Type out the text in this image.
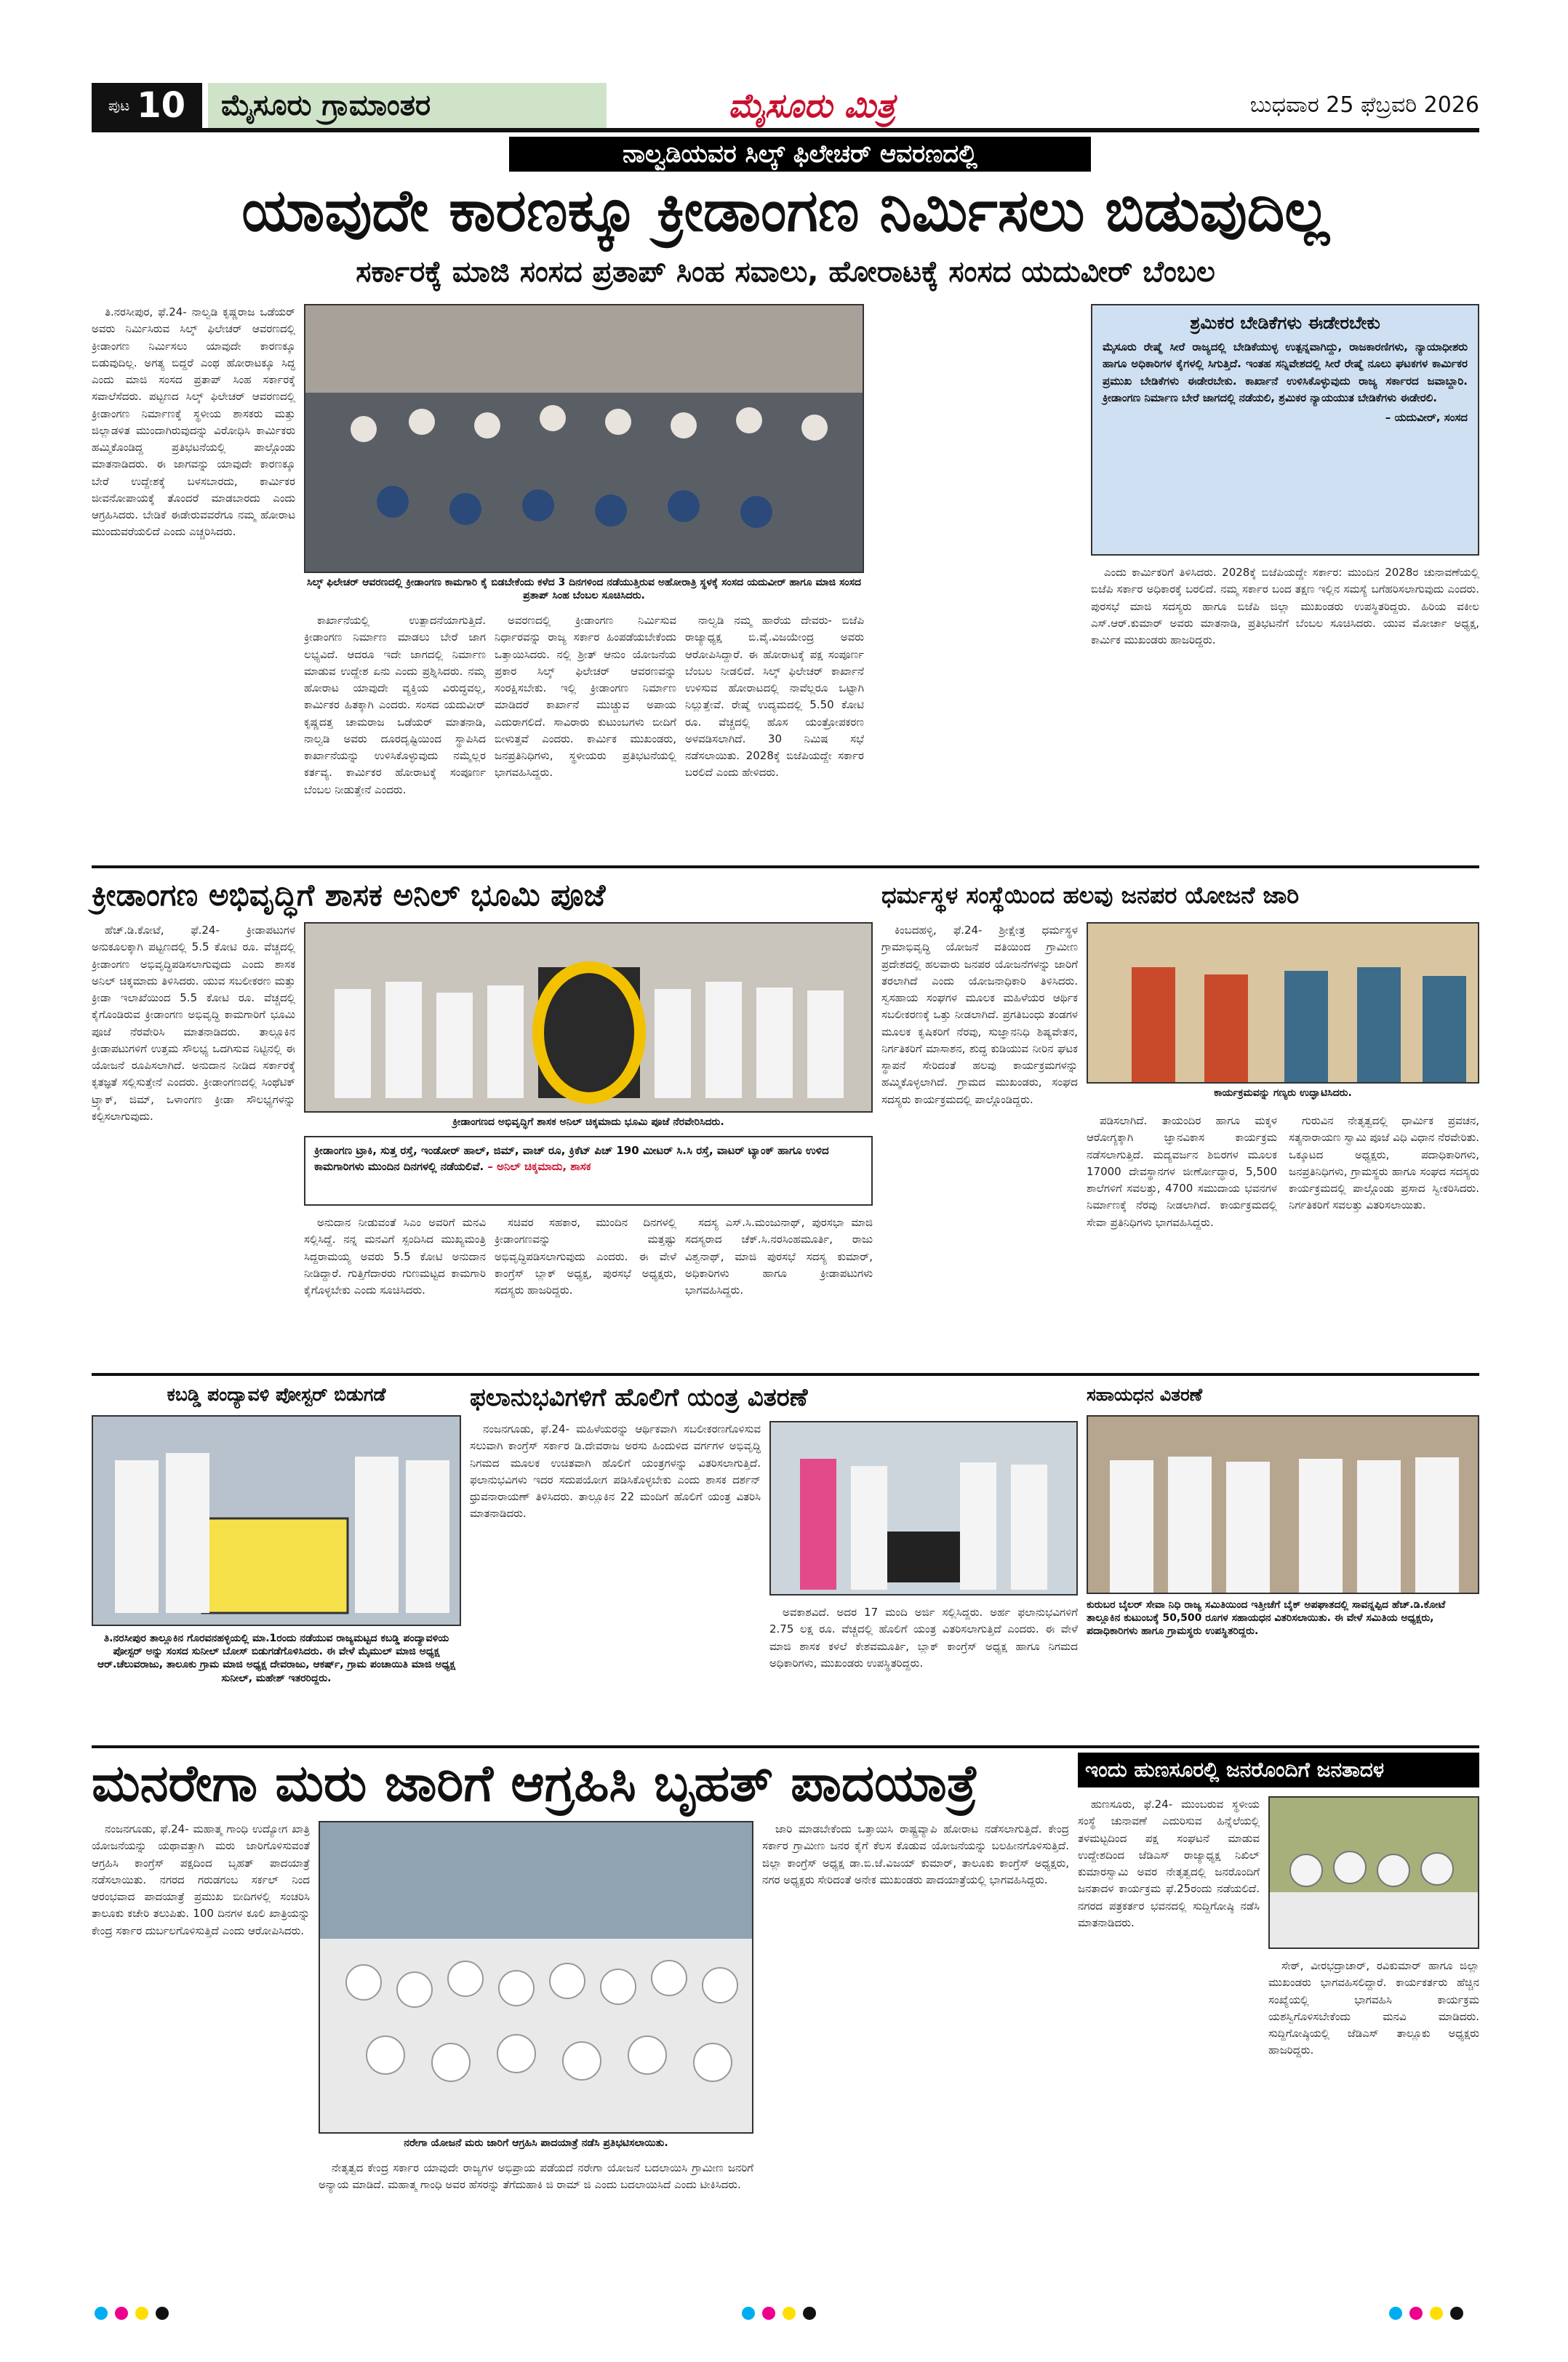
ಪುಟ 10	ಮೈಸೂರು ಗ್ರಾಮಾಂತರ	ಮೈಸೂರು ಮಿತ್ರ	ಬುಧವಾರ 25 ಫೆಬ್ರವರಿ 2026
ನಾಲ್ವಡಿಯವರ ಸಿಲ್ಕ್ ಫಿಲೇಚರ್ ಆವರಣದಲ್ಲಿ
ಯಾವುದೇ ಕಾರಣಕ್ಕೂ ಕ್ರೀಡಾಂಗಣ ನಿರ್ಮಿಸಲು ಬಿಡುವುದಿಲ್ಲ
ಸರ್ಕಾರಕ್ಕೆ ಮಾಜಿ ಸಂಸದ ಪ್ರತಾಪ್ ಸಿಂಹ ಸವಾಲು, ಹೋರಾಟಕ್ಕೆ ಸಂಸದ ಯದುವೀರ್ ಬೆಂಬಲ

ತಿ.ನರಸೀಪುರ, ಫೆ.24- ನಾಲ್ವಡಿ ಕೃಷ್ಣರಾಜ ಒಡೆಯರ್ ಅವರು ನಿರ್ಮಿಸಿರುವ ಸಿಲ್ಕ್ ಫಿಲೇಚರ್ ಆವರಣದಲ್ಲಿ ಕ್ರೀಡಾಂಗಣ ನಿರ್ಮಿಸಲು ಯಾವುದೇ ಕಾರಣಕ್ಕೂ ಬಿಡುವುದಿಲ್ಲ. ಅಗತ್ಯ ಬಿದ್ದರೆ ಎಂಥ ಹೋರಾಟಕ್ಕೂ ಸಿದ್ಧ ಎಂದು ಮಾಜಿ ಸಂಸದ ಪ್ರತಾಪ್ ಸಿಂಹ ಸರ್ಕಾರಕ್ಕೆ ಸವಾಲೆಸೆದರು. ಪಟ್ಟಣದ ಸಿಲ್ಕ್ ಫಿಲೇಚರ್ ಆವರಣದಲ್ಲಿ ಕ್ರೀಡಾಂಗಣ ನಿರ್ಮಾಣಕ್ಕೆ ಸ್ಥಳೀಯ ಶಾಸಕರು ಮತ್ತು ಜಿಲ್ಲಾಡಳಿತ ಮುಂದಾಗಿರುವುದನ್ನು ವಿರೋಧಿಸಿ ಕಾರ್ಮಿಕರು ಹಮ್ಮಿಕೊಂಡಿದ್ದ ಪ್ರತಿಭಟನೆಯಲ್ಲಿ ಪಾಲ್ಗೊಂಡು ಮಾತನಾಡಿದರು. ಈ ಜಾಗವನ್ನು ಯಾವುದೇ ಕಾರಣಕ್ಕೂ ಬೇರೆ ಉದ್ದೇಶಕ್ಕೆ ಬಳಸಬಾರದು, ಕಾರ್ಮಿಕರ ಜೀವನೋಪಾಯಕ್ಕೆ ತೊಂದರೆ ಮಾಡಬಾರದು ಎಂದು ಆಗ್ರಹಿಸಿದರು. ಬೇಡಿಕೆ ಈಡೇರುವವರೆಗೂ ನಮ್ಮ ಹೋರಾಟ ಮುಂದುವರೆಯಲಿದೆ ಎಂದು ಎಚ್ಚರಿಸಿದರು.

ಸಿಲ್ಕ್ ಫಿಲೇಚರ್ ಆವರಣದಲ್ಲಿ ಕ್ರೀಡಾಂಗಣ ಕಾಮಗಾರಿ ಕೈ ಬಿಡಬೇಕೆಂದು ಕಳೆದ 3 ದಿನಗಳಿಂದ ನಡೆಯುತ್ತಿರುವ ಅಹೋರಾತ್ರಿ ಸ್ಥಳಕ್ಕೆ ಸಂಸದ ಯದುವೀರ್ ಹಾಗೂ ಮಾಜಿ ಸಂಸದ ಪ್ರತಾಪ್ ಸಿಂಹ ಬೆಂಬಲ ಸೂಚಿಸಿದರು.

ಕಾರ್ಖಾನೆಯಲ್ಲಿ ಉತ್ಪಾದನೆಯಾಗುತ್ತಿದೆ. ಕ್ರೀಡಾಂಗಣ ನಿರ್ಮಾಣ ಮಾಡಲು ಬೇರೆ ಜಾಗ ಲಭ್ಯವಿದೆ. ಆದರೂ ಇದೇ ಜಾಗದಲ್ಲಿ ನಿರ್ಮಾಣ ಮಾಡುವ ಉದ್ದೇಶ ಏನು ಎಂದು ಪ್ರಶ್ನಿಸಿದರು. ನಮ್ಮ ಹೋರಾಟ ಯಾವುದೇ ವ್ಯಕ್ತಿಯ ವಿರುದ್ಧವಲ್ಲ, ಕಾರ್ಮಿಕರ ಹಿತಕ್ಕಾಗಿ ಎಂದರು. ಸಂಸದ ಯದುವೀರ್ ಕೃಷ್ಣದತ್ತ ಚಾಮರಾಜ ಒಡೆಯರ್ ಮಾತನಾಡಿ, ನಾಲ್ವಡಿ ಅವರು ದೂರದೃಷ್ಟಿಯಿಂದ ಸ್ಥಾಪಿಸಿದ ಕಾರ್ಖಾನೆಯನ್ನು ಉಳಿಸಿಕೊಳ್ಳುವುದು ನಮ್ಮೆಲ್ಲರ ಕರ್ತವ್ಯ. ಕಾರ್ಮಿಕರ ಹೋರಾಟಕ್ಕೆ ಸಂಪೂರ್ಣ ಬೆಂಬಲ ನೀಡುತ್ತೇನೆ ಎಂದರು.

ಅವರಣದಲ್ಲಿ ಕ್ರೀಡಾಂಗಣ ನಿರ್ಮಿಸುವ ನಿರ್ಧಾರವನ್ನು ರಾಜ್ಯ ಸರ್ಕಾರ ಹಿಂಪಡೆಯಬೇಕೆಂದು ಒತ್ತಾಯಿಸಿದರು. ನಲ್ಲಿ ಶ್ರೀತ್ ಆನುಂ ಯೋಜನೆಯ ಪ್ರಕಾರ ಸಿಲ್ಕ್ ಫಿಲೇಚರ್ ಆವರಣವನ್ನು ಸಂರಕ್ಷಿಸಬೇಕು. ಇಲ್ಲಿ ಕ್ರೀಡಾಂಗಣ ನಿರ್ಮಾಣ ಮಾಡಿದರೆ ಕಾರ್ಖಾನೆ ಮುಚ್ಚುವ ಅಪಾಯ ಎದುರಾಗಲಿದೆ. ಸಾವಿರಾರು ಕುಟುಂಬಗಳು ಬೀದಿಗೆ ಬೀಳುತ್ತವೆ ಎಂದರು. ಕಾರ್ಮಿಕ ಮುಖಂಡರು, ಜನಪ್ರತಿನಿಧಿಗಳು, ಸ್ಥಳೀಯರು ಪ್ರತಿಭಟನೆಯಲ್ಲಿ ಭಾಗವಹಿಸಿದ್ದರು.

ನಾಲ್ವಡಿ ನಮ್ಮ ಹಾರೆಯ ದೇವರು- ಬಿಜೆಪಿ ರಾಜ್ಯಾಧ್ಯಕ್ಷ ಬಿ.ವೈ.ವಿಜಯೇಂದ್ರ ಅವರು ಆರೋಪಿಸಿದ್ದಾರೆ. ಈ ಹೋರಾಟಕ್ಕೆ ಪಕ್ಷ ಸಂಪೂರ್ಣ ಬೆಂಬಲ ನೀಡಲಿದೆ. ಸಿಲ್ಕ್ ಫಿಲೇಚರ್ ಕಾರ್ಖಾನೆ ಉಳಿಸುವ ಹೋರಾಟದಲ್ಲಿ ನಾವೆಲ್ಲರೂ ಒಟ್ಟಾಗಿ ನಿಲ್ಲುತ್ತೇವೆ. ರೇಷ್ಮೆ ಉದ್ಯಮದಲ್ಲಿ 5.50 ಕೋಟಿ ರೂ. ವೆಚ್ಚದಲ್ಲಿ ಹೊಸ ಯಂತ್ರೋಪಕರಣ ಅಳವಡಿಸಲಾಗಿದೆ. 30 ನಿಮಿಷ ಸಭೆ ನಡೆಸಲಾಯಿತು. 2028ಕ್ಕೆ ಬಿಜೆಪಿಯದ್ದೇ ಸರ್ಕಾರ ಬರಲಿದೆ ಎಂದು ಹೇಳಿದರು.

ಶ್ರಮಿಕರ ಬೇಡಿಕೆಗಳು ಈಡೇರಬೇಕು
ಮೈಸೂರು ರೇಷ್ಮೆ ಸೀರೆ ರಾಜ್ಯದಲ್ಲಿ ಬೇಡಿಕೆಯುಳ್ಳ ಉತ್ಪನ್ನವಾಗಿದ್ದು, ರಾಜಕಾರಣಿಗಳು, ನ್ಯಾಯಾಧೀಶರು ಹಾಗೂ ಅಧಿಕಾರಿಗಳ ಕೈಗಳಲ್ಲಿ ಸಿಗುತ್ತಿದೆ. ಇಂತಹ ಸನ್ನಿವೇಶದಲ್ಲಿ ಸೀರೆ ರೇಷ್ಮೆ ನೂಲು ಘಟಕಗಳ ಕಾರ್ಮಿಕರ ಪ್ರಮುಖ ಬೇಡಿಕೆಗಳು ಈಡೇರಬೇಕು. ಕಾರ್ಖಾನೆ ಉಳಿಸಿಕೊಳ್ಳುವುದು ರಾಜ್ಯ ಸರ್ಕಾರದ ಜವಾಬ್ದಾರಿ. ಕ್ರೀಡಾಂಗಣ ನಿರ್ಮಾಣ ಬೇರೆ ಜಾಗದಲ್ಲಿ ನಡೆಯಲಿ, ಶ್ರಮಿಕರ ನ್ಯಾಯಯುತ ಬೇಡಿಕೆಗಳು ಈಡೇರಲಿ.
– ಯದುವೀರ್, ಸಂಸದ

ಎಂದು ಕಾರ್ಮಿಕರಿಗೆ ತಿಳಿಸಿದರು. 2028ಕ್ಕೆ ಬಿಜೆಪಿಯದ್ದೇ ಸರ್ಕಾರ: ಮುಂದಿನ 2028ರ ಚುನಾವಣೆಯಲ್ಲಿ ಬಿಜೆಪಿ ಸರ್ಕಾರ ಅಧಿಕಾರಕ್ಕೆ ಬರಲಿದೆ. ನಮ್ಮ ಸರ್ಕಾರ ಬಂದ ತಕ್ಷಣ ಇಲ್ಲಿನ ಸಮಸ್ಯೆ ಬಗೆಹರಿಸಲಾಗುವುದು ಎಂದರು. ಪುರಸಭೆ ಮಾಜಿ ಸದಸ್ಯರು ಹಾಗೂ ಬಿಜೆಪಿ ಜಿಲ್ಲಾ ಮುಖಂಡರು ಉಪಸ್ಥಿತರಿದ್ದರು. ಹಿರಿಯ ವಕೀಲ ಎಸ್.ಆರ್.ಕುಮಾರ್ ಅವರು ಮಾತನಾಡಿ, ಪ್ರತಿಭಟನೆಗೆ ಬೆಂಬಲ ಸೂಚಿಸಿದರು. ಯುವ ಮೋರ್ಚಾ ಅಧ್ಯಕ್ಷ, ಕಾರ್ಮಿಕ ಮುಖಂಡರು ಹಾಜರಿದ್ದರು.

ಕ್ರೀಡಾಂಗಣ ಅಭಿವೃದ್ಧಿಗೆ ಶಾಸಕ ಅನಿಲ್ ಭೂಮಿ ಪೂಜೆ

ಹೆಚ್.ಡಿ.ಕೋಟೆ, ಫೆ.24- ಕ್ರೀಡಾಪಟುಗಳ ಅನುಕೂಲಕ್ಕಾಗಿ ಪಟ್ಟಣದಲ್ಲಿ 5.5 ಕೋಟಿ ರೂ. ವೆಚ್ಚದಲ್ಲಿ ಕ್ರೀಡಾಂಗಣ ಅಭಿವೃದ್ಧಿಪಡಿಸಲಾಗುವುದು ಎಂದು ಶಾಸಕ ಅನಿಲ್ ಚಿಕ್ಕಮಾದು ತಿಳಿಸಿದರು. ಯುವ ಸಬಲೀಕರಣ ಮತ್ತು ಕ್ರೀಡಾ ಇಲಾಖೆಯಿಂದ 5.5 ಕೋಟಿ ರೂ. ವೆಚ್ಚದಲ್ಲಿ ಕೈಗೊಂಡಿರುವ ಕ್ರೀಡಾಂಗಣ ಅಭಿವೃದ್ಧಿ ಕಾಮಗಾರಿಗೆ ಭೂಮಿ ಪೂಜೆ ನೆರವೇರಿಸಿ ಮಾತನಾಡಿದರು. ತಾಲ್ಲೂಕಿನ ಕ್ರೀಡಾಪಟುಗಳಿಗೆ ಉತ್ತಮ ಸೌಲಭ್ಯ ಒದಗಿಸುವ ನಿಟ್ಟಿನಲ್ಲಿ ಈ ಯೋಜನೆ ರೂಪಿಸಲಾಗಿದೆ. ಅನುದಾನ ನೀಡಿದ ಸರ್ಕಾರಕ್ಕೆ ಕೃತಜ್ಞತೆ ಸಲ್ಲಿಸುತ್ತೇನೆ ಎಂದರು. ಕ್ರೀಡಾಂಗಣದಲ್ಲಿ ಸಿಂಥೆಟಿಕ್ ಟ್ರ್ಯಾಕ್, ಜಿಮ್, ಒಳಾಂಗಣ ಕ್ರೀಡಾ ಸೌಲಭ್ಯಗಳನ್ನು ಕಲ್ಪಿಸಲಾಗುವುದು.	ಕ್ರೀಡಾಂಗಣದ ಅಭಿವೃದ್ಧಿಗೆ ಶಾಸಕ ಅನಿಲ್ ಚಿಕ್ಕಮಾದು ಭೂಮಿ ಪೂಜೆ ನೆರವೇರಿಸಿದರು.
ಕ್ರೀಡಾಂಗಣ ಟ್ರಾಕಿ, ಸುತ್ತ ರಸ್ತೆ, ಇಂಡೋರ್ ಹಾಲ್, ಜಿಮ್, ವಾಚ್ ರೂ, ಕ್ರಿಕೆಟ್ ಪಿಚ್ 190 ಮೀಟರ್ ಸಿ.ಸಿ ರಸ್ತೆ, ವಾಟರ್ ಟ್ಯಾಂಕ್ ಹಾಗೂ ಉಳಿದ ಕಾಮಗಾರಿಗಳು ಮುಂದಿನ ದಿನಗಳಲ್ಲಿ ನಡೆಯಲಿವೆ. – ಅನಿಲ್ ಚಿಕ್ಕಮಾದು, ಶಾಸಕ

ಅನುದಾನ ನೀಡುವಂತೆ ಸಿಎಂ ಅವರಿಗೆ ಮನವಿ ಸಲ್ಲಿಸಿದ್ದೆ. ನನ್ನ ಮನವಿಗೆ ಸ್ಪಂದಿಸಿದ ಮುಖ್ಯಮಂತ್ರಿ ಸಿದ್ದರಾಮಯ್ಯ ಅವರು 5.5 ಕೋಟಿ ಅನುದಾನ ನೀಡಿದ್ದಾರೆ. ಗುತ್ತಿಗೆದಾರರು ಗುಣಮಟ್ಟದ ಕಾಮಗಾರಿ ಕೈಗೊಳ್ಳಬೇಕು ಎಂದು ಸೂಚಿಸಿದರು.

ಸಚಿವರ ಸಹಕಾರ, ಮುಂದಿನ ದಿನಗಳಲ್ಲಿ ಕ್ರೀಡಾಂಗಣವನ್ನು ಮತ್ತಷ್ಟು ಅಭಿವೃದ್ಧಿಪಡಿಸಲಾಗುವುದು ಎಂದರು. ಈ ವೇಳೆ ಕಾಂಗ್ರೆಸ್ ಬ್ಲಾಕ್ ಅಧ್ಯಕ್ಷ, ಪುರಸಭೆ ಅಧ್ಯಕ್ಷರು, ಸದಸ್ಯರು ಹಾಜರಿದ್ದರು.

ಸದಸ್ಯ ಎಸ್.ಸಿ.ಮಂಜುನಾಥ್, ಪುರಸಭಾ ಮಾಜಿ ಸದಸ್ಯರಾದ ಚೆಕ್.ಸಿ.ನರಸಿಂಹಮೂರ್ತಿ, ರಾಜು ವಿಶ್ವನಾಥ್, ಮಾಜಿ ಪುರಸಭೆ ಸದಸ್ಯ ಕುಮಾರ್, ಅಧಿಕಾರಿಗಳು ಹಾಗೂ ಕ್ರೀಡಾಪಟುಗಳು ಭಾಗವಹಿಸಿದ್ದರು.

ಧರ್ಮಸ್ಥಳ ಸಂಸ್ಥೆಯಿಂದ ಹಲವು ಜನಪರ ಯೋಜನೆ ಜಾರಿ

ಕಿಂಬದಹಳ್ಳಿ, ಫೆ.24- ಶ್ರೀಕ್ಷೇತ್ರ ಧರ್ಮಸ್ಥಳ ಗ್ರಾಮಾಭಿವೃದ್ಧಿ ಯೋಜನೆ ವತಿಯಿಂದ ಗ್ರಾಮೀಣ ಪ್ರದೇಶದಲ್ಲಿ ಹಲವಾರು ಜನಪರ ಯೋಜನೆಗಳನ್ನು ಜಾರಿಗೆ ತರಲಾಗಿದೆ ಎಂದು ಯೋಜನಾಧಿಕಾರಿ ತಿಳಿಸಿದರು. ಸ್ವಸಹಾಯ ಸಂಘಗಳ ಮೂಲಕ ಮಹಿಳೆಯರ ಆರ್ಥಿಕ ಸಬಲೀಕರಣಕ್ಕೆ ಒತ್ತು ನೀಡಲಾಗಿದೆ. ಪ್ರಗತಿಬಂಧು ತಂಡಗಳ ಮೂಲಕ ಕೃಷಿಕರಿಗೆ ನೆರವು, ಸುಜ್ಞಾನನಿಧಿ ಶಿಷ್ಯವೇತನ, ನಿರ್ಗತಿಕರಿಗೆ ಮಾಸಾಶನ, ಶುದ್ಧ ಕುಡಿಯುವ ನೀರಿನ ಘಟಕ ಸ್ಥಾಪನೆ ಸೇರಿದಂತೆ ಹಲವು ಕಾರ್ಯಕ್ರಮಗಳನ್ನು ಹಮ್ಮಿಕೊಳ್ಳಲಾಗಿದೆ. ಗ್ರಾಮದ ಮುಖಂಡರು, ಸಂಘದ ಸದಸ್ಯರು ಕಾರ್ಯಕ್ರಮದಲ್ಲಿ ಪಾಲ್ಗೊಂಡಿದ್ದರು.	ಕಾರ್ಯಕ್ರಮವನ್ನು ಗಣ್ಯರು ಉದ್ಘಾಟಿಸಿದರು.

ಪಡಿಸಲಾಗಿದೆ. ತಾಯಂದಿರ ಹಾಗೂ ಮಕ್ಕಳ ಆರೋಗ್ಯಕ್ಕಾಗಿ ಜ್ಞಾನವಿಕಾಸ ಕಾರ್ಯಕ್ರಮ ನಡೆಸಲಾಗುತ್ತಿದೆ. ಮದ್ಯವರ್ಜನ ಶಿಬಿರಗಳ ಮೂಲಕ 17000 ದೇವಸ್ಥಾನಗಳ ಜೀರ್ಣೋದ್ಧಾರ, 5,500 ಶಾಲೆಗಳಿಗೆ ಸವಲತ್ತು, 4700 ಸಮುದಾಯ ಭವನಗಳ ನಿರ್ಮಾಣಕ್ಕೆ ನೆರವು ನೀಡಲಾಗಿದೆ. ಕಾರ್ಯಕ್ರಮದಲ್ಲಿ ಸೇವಾ ಪ್ರತಿನಿಧಿಗಳು ಭಾಗವಹಿಸಿದ್ದರು.

ಗುರುವಿನ ನೇತೃತ್ವದಲ್ಲಿ ಧಾರ್ಮಿಕ ಪ್ರವಚನ, ಸತ್ಯನಾರಾಯಣ ಸ್ವಾಮಿ ಪೂಜೆ ವಿಧಿ ವಿಧಾನ ನೆರವೇರಿತು. ಒಕ್ಕೂಟದ ಅಧ್ಯಕ್ಷರು, ಪದಾಧಿಕಾರಿಗಳು, ಜನಪ್ರತಿನಿಧಿಗಳು, ಗ್ರಾಮಸ್ಥರು ಹಾಗೂ ಸಂಘದ ಸದಸ್ಯರು ಕಾರ್ಯಕ್ರಮದಲ್ಲಿ ಪಾಲ್ಗೊಂಡು ಪ್ರಸಾದ ಸ್ವೀಕರಿಸಿದರು. ನಿರ್ಗತಿಕರಿಗೆ ಸವಲತ್ತು ವಿತರಿಸಲಾಯಿತು.

ಕಬಡ್ಡಿ ಪಂದ್ಯಾವಳಿ ಪೋಸ್ಟರ್ ಬಿಡುಗಡೆ
ತಿ.ನರಸೀಪುರ ತಾಲ್ಲೂಕಿನ ಗೊರವನಹಳ್ಳಿಯಲ್ಲಿ ಮಾ.1ರಂದು ನಡೆಯುವ ರಾಜ್ಯಮಟ್ಟದ ಕಬಡ್ಡಿ ಪಂದ್ಯಾವಳಿಯ ಪೋಸ್ಟರ್ ಅನ್ನು ಸಂಸದ ಸುನೀಲ್ ಬೋಸ್ ಬಿಡುಗಡೆಗೊಳಿಸಿದರು. ಈ ವೇಳೆ ಮೈಮುಲ್ ಮಾಜಿ ಅಧ್ಯಕ್ಷ ಆರ್.ಚೆಲುವರಾಜು, ತಾಲೂಕು ಗ್ರಾಮ ಮಾಜಿ ಅಧ್ಯಕ್ಷ ದೇವರಾಜು, ಆಕರ್ಷ್, ಗ್ರಾಮ ಪಂಚಾಯಿತಿ ಮಾಜಿ ಅಧ್ಯಕ್ಷ ಸುನೀಲ್, ಮಹೇಶ್ ಇತರರಿದ್ದರು.
ಫಲಾನುಭವಿಗಳಿಗೆ ಹೊಲಿಗೆ ಯಂತ್ರ ವಿತರಣೆ

ನಂಜನಗೂಡು, ಫೆ.24- ಮಹಿಳೆಯರನ್ನು ಆರ್ಥಿಕವಾಗಿ ಸಬಲೀಕರಣಗೊಳಿಸುವ ಸಲುವಾಗಿ ಕಾಂಗ್ರೆಸ್ ಸರ್ಕಾರ ಡಿ.ದೇವರಾಜ ಅರಸು ಹಿಂದುಳಿದ ವರ್ಗಗಳ ಅಭಿವೃದ್ಧಿ ನಿಗಮದ ಮೂಲಕ ಉಚಿತವಾಗಿ ಹೊಲಿಗೆ ಯಂತ್ರಗಳನ್ನು ವಿತರಿಸಲಾಗುತ್ತಿದೆ. ಫಲಾನುಭವಿಗಳು ಇದರ ಸದುಪಯೋಗ ಪಡಿಸಿಕೊಳ್ಳಬೇಕು ಎಂದು ಶಾಸಕ ದರ್ಶನ್ ಧ್ರುವನಾರಾಯಣ್ ತಿಳಿಸಿದರು. ತಾಲ್ಲೂಕಿನ 22 ಮಂದಿಗೆ ಹೊಲಿಗೆ ಯಂತ್ರ ವಿತರಿಸಿ ಮಾತನಾಡಿದರು.

ಅವಕಾಶವಿದೆ. ಅದರ 17 ಮಂದಿ ಅರ್ಜಿ ಸಲ್ಲಿಸಿದ್ದರು. ಅರ್ಹ ಫಲಾನುಭವಿಗಳಿಗೆ 2.75 ಲಕ್ಷ ರೂ. ವೆಚ್ಚದಲ್ಲಿ ಹೊಲಿಗೆ ಯಂತ್ರ ವಿತರಿಸಲಾಗುತ್ತಿದೆ ಎಂದರು. ಈ ವೇಳೆ ಮಾಜಿ ಶಾಸಕ ಕಳಲೆ ಕೇಶವಮೂರ್ತಿ, ಬ್ಲಾಕ್ ಕಾಂಗ್ರೆಸ್ ಅಧ್ಯಕ್ಷ ಹಾಗೂ ನಿಗಮದ ಅಧಿಕಾರಿಗಳು, ಮುಖಂಡರು ಉಪಸ್ಥಿತರಿದ್ದರು.

ಸಹಾಯಧನ ವಿತರಣೆ
ಕುರುಬರ ಬೈಲರ್ ಸೇವಾ ನಿಧಿ ರಾಜ್ಯ ಸಮಿತಿಯಿಂದ ಇತ್ತೀಚೆಗೆ ಬೈಕ್ ಅಪಘಾತದಲ್ಲಿ ಸಾವನ್ನಪ್ಪಿದ ಹೆಚ್.ಡಿ.ಕೋಟೆ ತಾಲ್ಲೂಕಿನ ಕುಟುಂಬಕ್ಕೆ 50,500 ರೂಗಳ ಸಹಾಯಧನ ವಿತರಿಸಲಾಯಿತು. ಈ ವೇಳೆ ಸಮಿತಿಯ ಅಧ್ಯಕ್ಷರು, ಪದಾಧಿಕಾರಿಗಳು ಹಾಗೂ ಗ್ರಾಮಸ್ಥರು ಉಪಸ್ಥಿತರಿದ್ದರು.
ಮನರೇಗಾ ಮರು ಜಾರಿಗೆ ಆಗ್ರಹಿಸಿ ಬೃಹತ್ ಪಾದಯಾತ್ರೆ

ನಂಜನಗೂಡು, ಫೆ.24- ಮಹಾತ್ಮ ಗಾಂಧಿ ಉದ್ಯೋಗ ಖಾತ್ರಿ ಯೋಜನೆಯನ್ನು ಯಥಾವತ್ತಾಗಿ ಮರು ಜಾರಿಗೊಳಿಸುವಂತೆ ಆಗ್ರಹಿಸಿ ಕಾಂಗ್ರೆಸ್ ಪಕ್ಷದಿಂದ ಬೃಹತ್ ಪಾದಯಾತ್ರೆ ನಡೆಸಲಾಯಿತು. ನಗರದ ಗರುಡಗಂಬ ಸರ್ಕಲ್ ನಿಂದ ಆರಂಭವಾದ ಪಾದಯಾತ್ರೆ ಪ್ರಮುಖ ಬೀದಿಗಳಲ್ಲಿ ಸಂಚರಿಸಿ ತಾಲೂಕು ಕಚೇರಿ ತಲುಪಿತು. 100 ದಿನಗಳ ಕೂಲಿ ಖಾತ್ರಿಯನ್ನು ಕೇಂದ್ರ ಸರ್ಕಾರ ದುರ್ಬಲಗೊಳಿಸುತ್ತಿದೆ ಎಂದು ಆರೋಪಿಸಿದರು.

ನರೇಗಾ ಯೋಜನೆ ಮರು ಜಾರಿಗೆ ಆಗ್ರಹಿಸಿ ಪಾದಯಾತ್ರೆ ನಡೆಸಿ ಪ್ರತಿಭಟಿಸಲಾಯಿತು.

ಜಾರಿ ಮಾಡಬೇಕೆಂದು ಒತ್ತಾಯಿಸಿ ರಾಷ್ಟ್ರವ್ಯಾಪಿ ಹೋರಾಟ ನಡೆಸಲಾಗುತ್ತಿದೆ. ಕೇಂದ್ರ ಸರ್ಕಾರ ಗ್ರಾಮೀಣ ಜನರ ಕೈಗೆ ಕೆಲಸ ಕೊಡುವ ಯೋಜನೆಯನ್ನು ಬಲಹೀನಗೊಳಿಸುತ್ತಿದೆ. ಜಿಲ್ಲಾ ಕಾಂಗ್ರೆಸ್ ಅಧ್ಯಕ್ಷ ಡಾ.ಬಿ.ಜೆ.ವಿಜಯ್ ಕುಮಾರ್, ತಾಲೂಕು ಕಾಂಗ್ರೆಸ್ ಅಧ್ಯಕ್ಷರು, ನಗರ ಅಧ್ಯಕ್ಷರು ಸೇರಿದಂತೆ ಅನೇಕ ಮುಖಂಡರು ಪಾದಯಾತ್ರೆಯಲ್ಲಿ ಭಾಗವಹಿಸಿದ್ದರು.

ನೇತೃತ್ವದ ಕೇಂದ್ರ ಸರ್ಕಾರ ಯಾವುದೇ ರಾಜ್ಯಗಳ ಅಭಿಪ್ರಾಯ ಪಡೆಯದೆ ನರೇಗಾ ಯೋಜನೆ ಬದಲಾಯಿಸಿ ಗ್ರಾಮೀಣ ಜನರಿಗೆ ಅನ್ಯಾಯ ಮಾಡಿದೆ. ಮಹಾತ್ಮ ಗಾಂಧಿ ಅವರ ಹೆಸರನ್ನು ತೆಗೆದುಹಾಕಿ ಜಿ ರಾಮ್ ಜಿ ಎಂದು ಬದಲಾಯಿಸಿದೆ ಎಂದು ಟೀಕಿಸಿದರು.

ಇಂದು ಹುಣಸೂರಲ್ಲಿ ಜನರೊಂದಿಗೆ ಜನತಾದಳ

ಹುಣಸೂರು, ಫೆ.24- ಮುಂಬರುವ ಸ್ಥಳೀಯ ಸಂಸ್ಥೆ ಚುನಾವಣೆ ಎದುರಿಸುವ ಹಿನ್ನೆಲೆಯಲ್ಲಿ ತಳಮಟ್ಟದಿಂದ ಪಕ್ಷ ಸಂಘಟನೆ ಮಾಡುವ ಉದ್ದೇಶದಿಂದ ಜೆಡಿಎಸ್ ರಾಜ್ಯಾಧ್ಯಕ್ಷ ನಿಖಿಲ್ ಕುಮಾರಸ್ವಾಮಿ ಅವರ ನೇತೃತ್ವದಲ್ಲಿ ಜನರೊಂದಿಗೆ ಜನತಾದಳ ಕಾರ್ಯಕ್ರಮ ಫೆ.25ರಂದು ನಡೆಯಲಿದೆ. ನಗರದ ಪತ್ರಕರ್ತರ ಭವನದಲ್ಲಿ ಸುದ್ದಿಗೋಷ್ಠಿ ನಡೆಸಿ ಮಾತನಾಡಿದರು.

ಸೇಠ್, ವೀರಭದ್ರಾಚಾರ್, ರವಿಕುಮಾರ್ ಹಾಗೂ ಜಿಲ್ಲಾ ಮುಖಂಡರು ಭಾಗವಹಿಸಲಿದ್ದಾರೆ. ಕಾರ್ಯಕರ್ತರು ಹೆಚ್ಚಿನ ಸಂಖ್ಯೆಯಲ್ಲಿ ಭಾಗವಹಿಸಿ ಕಾರ್ಯಕ್ರಮ ಯಶಸ್ವಿಗೊಳಿಸಬೇಕೆಂದು ಮನವಿ ಮಾಡಿದರು. ಸುದ್ದಿಗೋಷ್ಠಿಯಲ್ಲಿ ಜೆಡಿಎಸ್ ತಾಲ್ಲೂಕು ಅಧ್ಯಕ್ಷರು ಹಾಜರಿದ್ದರು.
